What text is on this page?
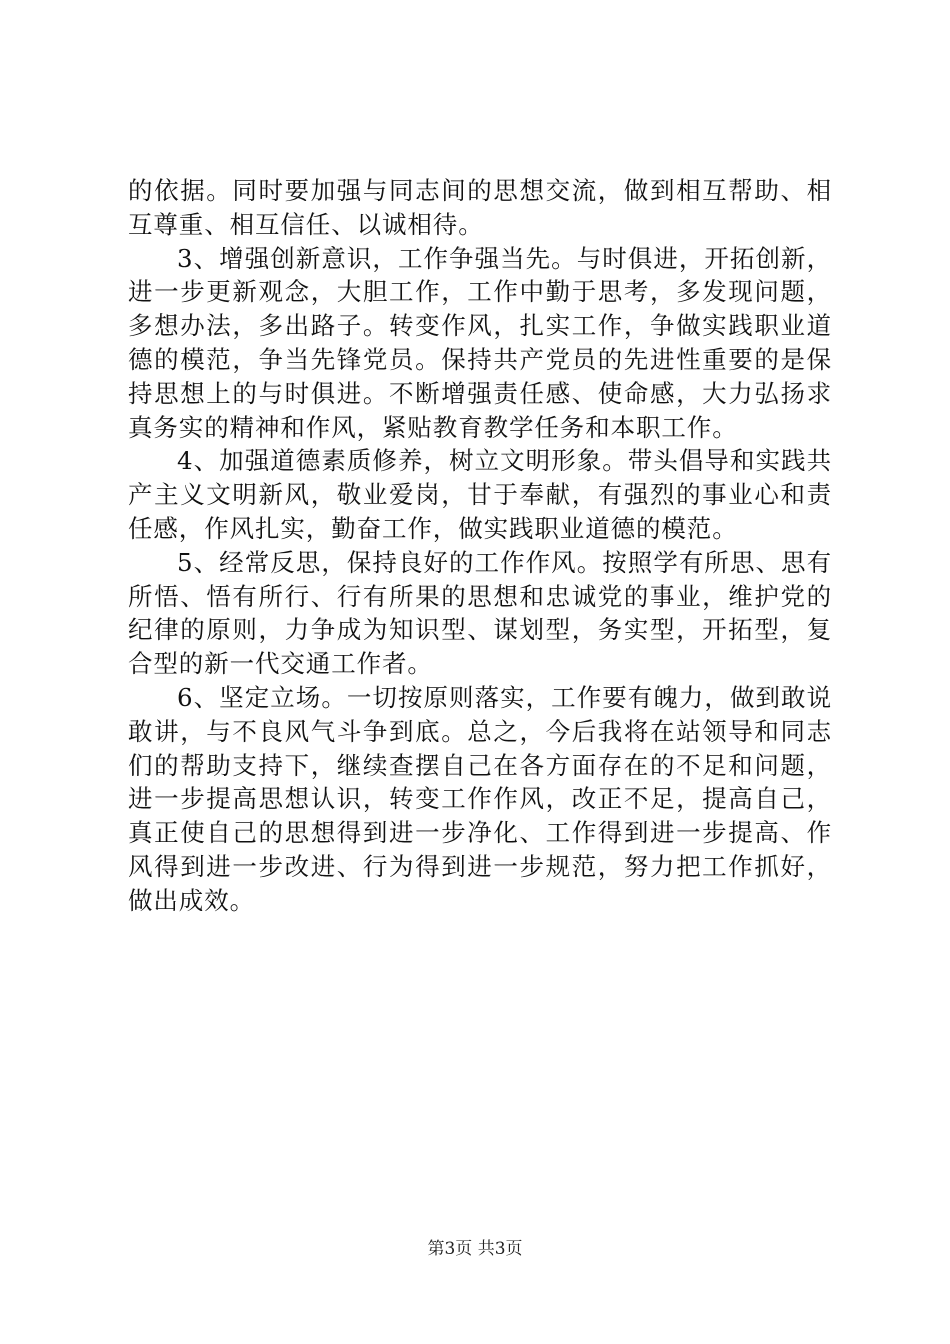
的依据。同时要加强与同志间的思想交流，做到相互帮助、相互尊重、相互信任、以诚相待。

3、增强创新意识，工作争强当先。与时俱进，开拓创新，进一步更新观念，大胆工作，工作中勤于思考，多发现问题，多想办法，多出路子。转变作风，扎实工作，争做实践职业道德的模范，争当先锋党员。保持共产党员的先进性重要的是保持思想上的与时俱进。不断增强责任感、使命感，大力弘扬求真务实的精神和作风，紧贴教育教学任务和本职工作。

4、加强道德素质修养，树立文明形象。带头倡导和实践共产主义文明新风，敬业爱岗，甘于奉献，有强烈的事业心和责任感，作风扎实，勤奋工作，做实践职业道德的模范。

5、经常反思，保持良好的工作作风。按照学有所思、思有所悟、悟有所行、行有所果的思想和忠诚党的事业，维护党的纪律的原则，力争成为知识型、谋划型，务实型，开拓型，复合型的新一代交通工作者。

6、坚定立场。一切按原则落实，工作要有魄力，做到敢说敢讲，与不良风气斗争到底。总之，今后我将在站领导和同志们的帮助支持下，继续查摆自己在各方面存在的不足和问题，进一步提高思想认识，转变工作作风，改正不足，提高自己，真正使自己的思想得到进一步净化、工作得到进一步提高、作风得到进一步改进、行为得到进一步规范，努力把工作抓好，做出成效。

第3页 共3页
